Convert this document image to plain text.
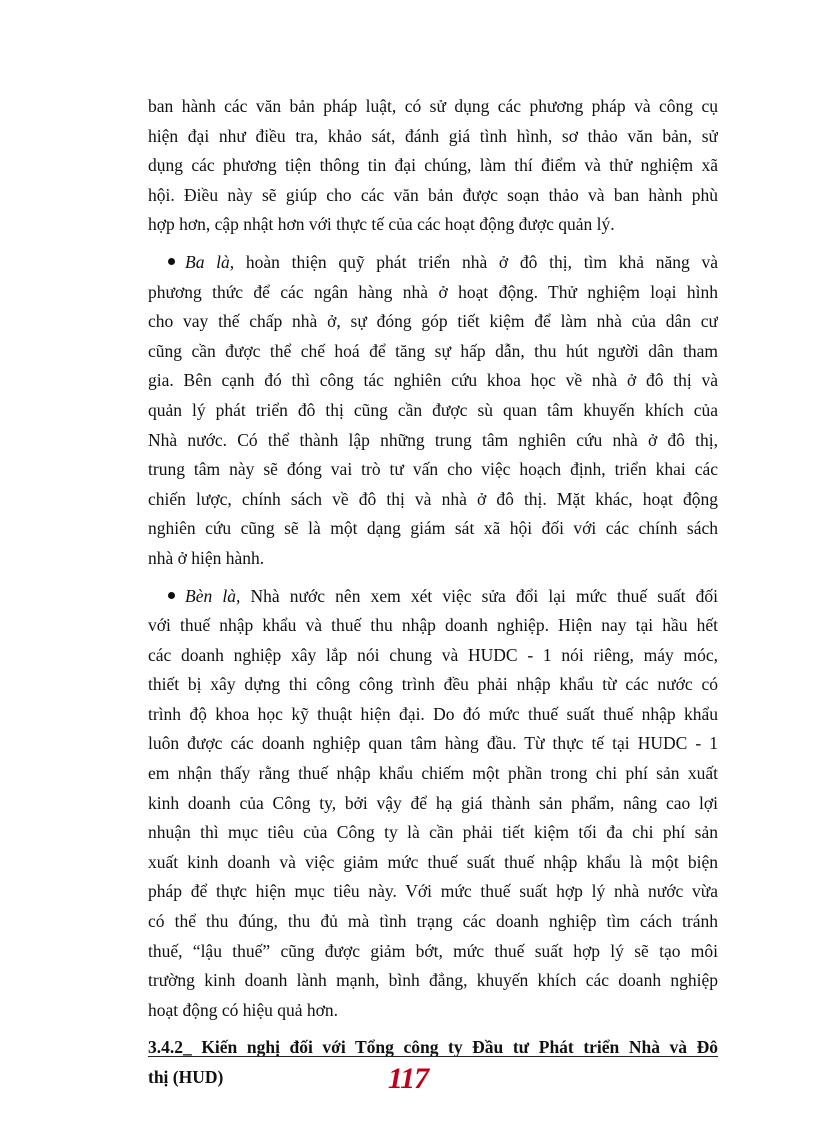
ban hành các văn bản pháp luật, có sử dụng các phương pháp và công cụ
hiện đại như điều tra, khảo sát, đánh giá tình hình, sơ thảo văn bản, sử
dụng các phương tiện thông tin đại chúng, làm thí điểm và thử nghiệm xã
hội. Điều này sẽ giúp cho các văn bản được soạn thảo và ban hành phù
hợp hơn, cập nhật hơn với thực tế của các hoạt động được quản lý.
Ba là, hoàn thiện quỹ phát triển nhà ở đô thị, tìm khả năng và
phương thức để các ngân hàng nhà ở hoạt động. Thử nghiệm loại hình
cho vay thế chấp nhà ở, sự đóng góp tiết kiệm để làm nhà của dân cư
cũng cần được thể chế hoá để tăng sự hấp dẫn, thu hút người dân tham
gia. Bên cạnh đó thì công tác nghiên cứu khoa học về nhà ở đô thị và
quản lý phát triển đô thị cũng cần được sù quan tâm khuyến khích của
Nhà nước. Có thể thành lập những trung tâm nghiên cứu nhà ở đô thị,
trung tâm này sẽ đóng vai trò tư vấn cho việc hoạch định, triển khai các
chiến lược, chính sách về đô thị và nhà ở đô thị. Mặt khác, hoạt động
nghiên cứu cũng sẽ là một dạng giám sát xã hội đối với các chính sách
nhà ở hiện hành.
Bèn là, Nhà nước nên xem xét việc sửa đổi lại mức thuế suất đối
với thuế nhập khẩu và thuế thu nhập doanh nghiệp. Hiện nay tại hầu hết
các doanh nghiệp xây lắp nói chung và HUDC - 1 nói riêng, máy móc,
thiết bị xây dựng thi công công trình đều phải nhập khẩu từ các nước có
trình độ khoa học kỹ thuật hiện đại. Do đó mức thuế suất thuế nhập khẩu
luôn được các doanh nghiệp quan tâm hàng đầu. Từ thực tế tại HUDC - 1
em nhận thấy rằng thuế nhập khẩu chiếm một phần trong chi phí sản xuất
kinh doanh của Công ty, bởi vậy để hạ giá thành sản phẩm, nâng cao lợi
nhuận thì mục tiêu của Công ty là cần phải tiết kiệm tối đa chi phí sản
xuất kinh doanh và việc giảm mức thuế suất thuế nhập khẩu là một biện
pháp để thực hiện mục tiêu này. Với mức thuế suất hợp lý nhà nước vừa
có thể thu đúng, thu đủ mà tình trạng các doanh nghiệp tìm cách tránh
thuế, “lậu thuế” cũng được giảm bớt, mức thuế suất hợp lý sẽ tạo môi
trường kinh doanh lành mạnh, bình đẳng, khuyến khích các doanh nghiệp
hoạt động có hiệu quả hơn.
3.4.2_ Kiến nghị đối với Tổng công ty Đầu tư Phát triển Nhà và Đô
thị (HUD)	117
